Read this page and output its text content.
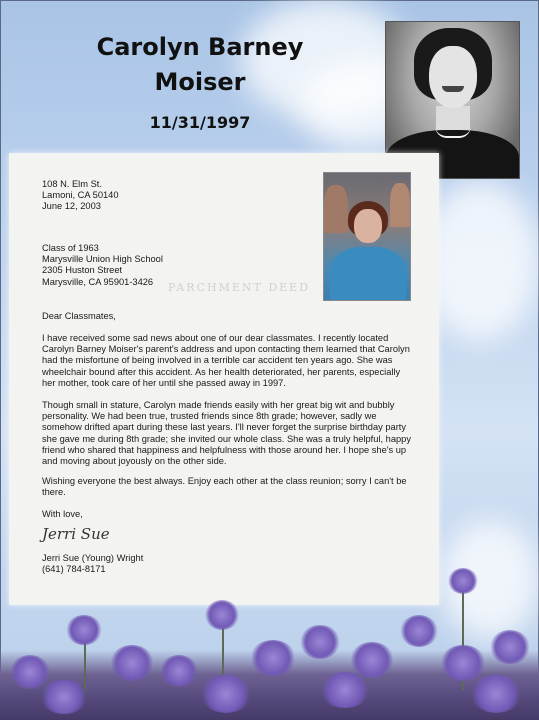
Carolyn Barney
Moiser
11/31/1997
PARCHMENT DEED
108 N. Elm St.
Lamoni, CA 50140
June 12, 2003
Class of 1963
Marysville Union High School
2305 Huston Street
Marysville, CA 95901-3426
Dear Classmates,
I have received some sad news about one of our dear classmates. I recently located Carolyn Barney Moiser's parent's address and upon contacting them learned that Carolyn had the misfortune of being involved in a terrible car accident ten years ago. She was wheelchair bound after this accident. As her health deteriorated, her parents, especially her mother, took care of her until she passed away in 1997.
Though small in stature, Carolyn made friends easily with her great big wit and bubbly personality. We had been true, trusted friends since 8th grade; however, sadly we somehow drifted apart during these last years. I'll never forget the surprise birthday party she gave me during 8th grade; she invited our whole class. She was a truly helpful, happy friend who shared that happiness and helpfulness with those around her. I hope she's up and moving about joyously on the other side.
Wishing everyone the best always. Enjoy each other at the class reunion; sorry I can't be there.
With love,
Jerri Sue
Jerri Sue (Young) Wright
(641) 784-8171
